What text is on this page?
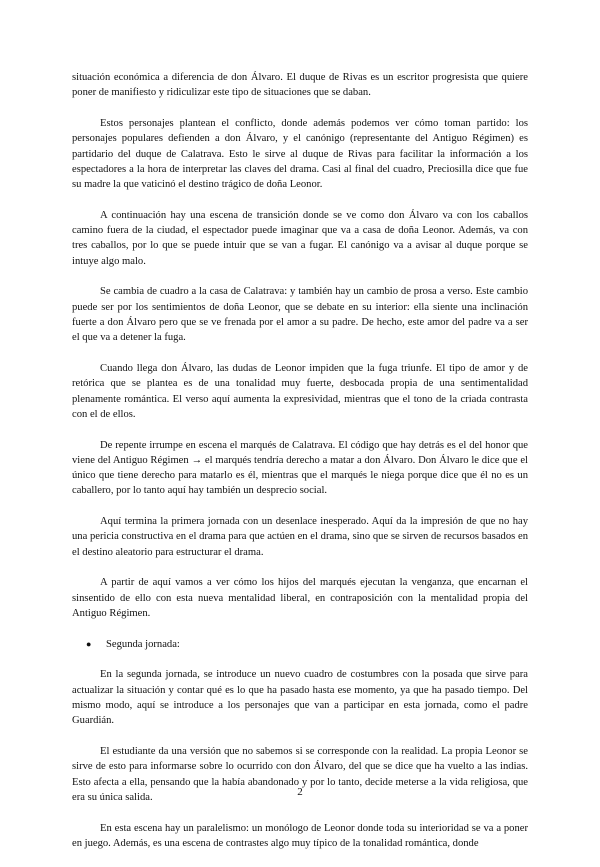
situación económica a diferencia de don Álvaro. El duque de Rivas es un escritor progresista que quiere poner de manifiesto y ridiculizar este tipo de situaciones que se daban.

Estos personajes plantean el conflicto, donde además podemos ver cómo toman partido: los personajes populares defienden a don Álvaro, y el canónigo (representante del Antiguo Régimen) es partidario del duque de Calatrava. Esto le sirve al duque de Rivas para facilitar la información a los espectadores a la hora de interpretar las claves del drama. Casi al final del cuadro, Preciosilla dice que fue su madre la que vaticinó el destino trágico de doña Leonor.

A continuación hay una escena de transición donde se ve como don Álvaro va con los caballos camino fuera de la ciudad, el espectador puede imaginar que va a casa de doña Leonor. Además, va con tres caballos, por lo que se puede intuir que se van a fugar. El canónigo va a avisar al duque porque se intuye algo malo.

Se cambia de cuadro a la casa de Calatrava: y también hay un cambio de prosa a verso. Este cambio puede ser por los sentimientos de doña Leonor, que se debate en su interior: ella siente una inclinación fuerte a don Álvaro pero que se ve frenada por el amor a su padre. De hecho, este amor del padre va a ser el que va a detener la fuga.

Cuando llega don Álvaro, las dudas de Leonor impiden que la fuga triunfe. El tipo de amor y de retórica que se plantea es de una tonalidad muy fuerte, desbocada propia de una sentimentalidad plenamente romántica. El verso aquí aumenta la expresividad, mientras que el tono de la criada contrasta con el de ellos.

De repente irrumpe en escena el marqués de Calatrava. El código que hay detrás es el del honor que viene del Antiguo Régimen → el marqués tendría derecho a matar a don Álvaro. Don Álvaro le dice que el único que tiene derecho para matarlo es él, mientras que el marqués le niega porque dice que él no es un caballero, por lo tanto aquí hay también un desprecio social.

Aquí termina la primera jornada con un desenlace inesperado. Aquí da la impresión de que no hay una pericia constructiva en el drama para que actúen en el drama, sino que se sirven de recursos basados en el destino aleatorio para estructurar el drama.

A partir de aquí vamos a ver cómo los hijos del marqués ejecutan la venganza, que encarnan el sinsentido de ello con esta nueva mentalidad liberal, en contraposición con la mentalidad propia del Antiguo Régimen.

● Segunda jornada:

En la segunda jornada, se introduce un nuevo cuadro de costumbres con la posada que sirve para actualizar la situación y contar qué es lo que ha pasado hasta ese momento, ya que ha pasado tiempo. Del mismo modo, aquí se introduce a los personajes que van a participar en esta jornada, como el padre Guardián.

El estudiante da una versión que no sabemos si se corresponde con la realidad. La propia Leonor se sirve de esto para informarse sobre lo ocurrido con don Álvaro, del que se dice que ha vuelto a las indias. Esto afecta a ella, pensando que la había abandonado y por lo tanto, decide meterse a la vida religiosa, que era su única salida.

En esta escena hay un paralelismo: un monólogo de Leonor donde toda su interioridad se va a poner en juego. Además, es una escena de contrastes algo muy típico de la tonalidad romántica, donde

2
